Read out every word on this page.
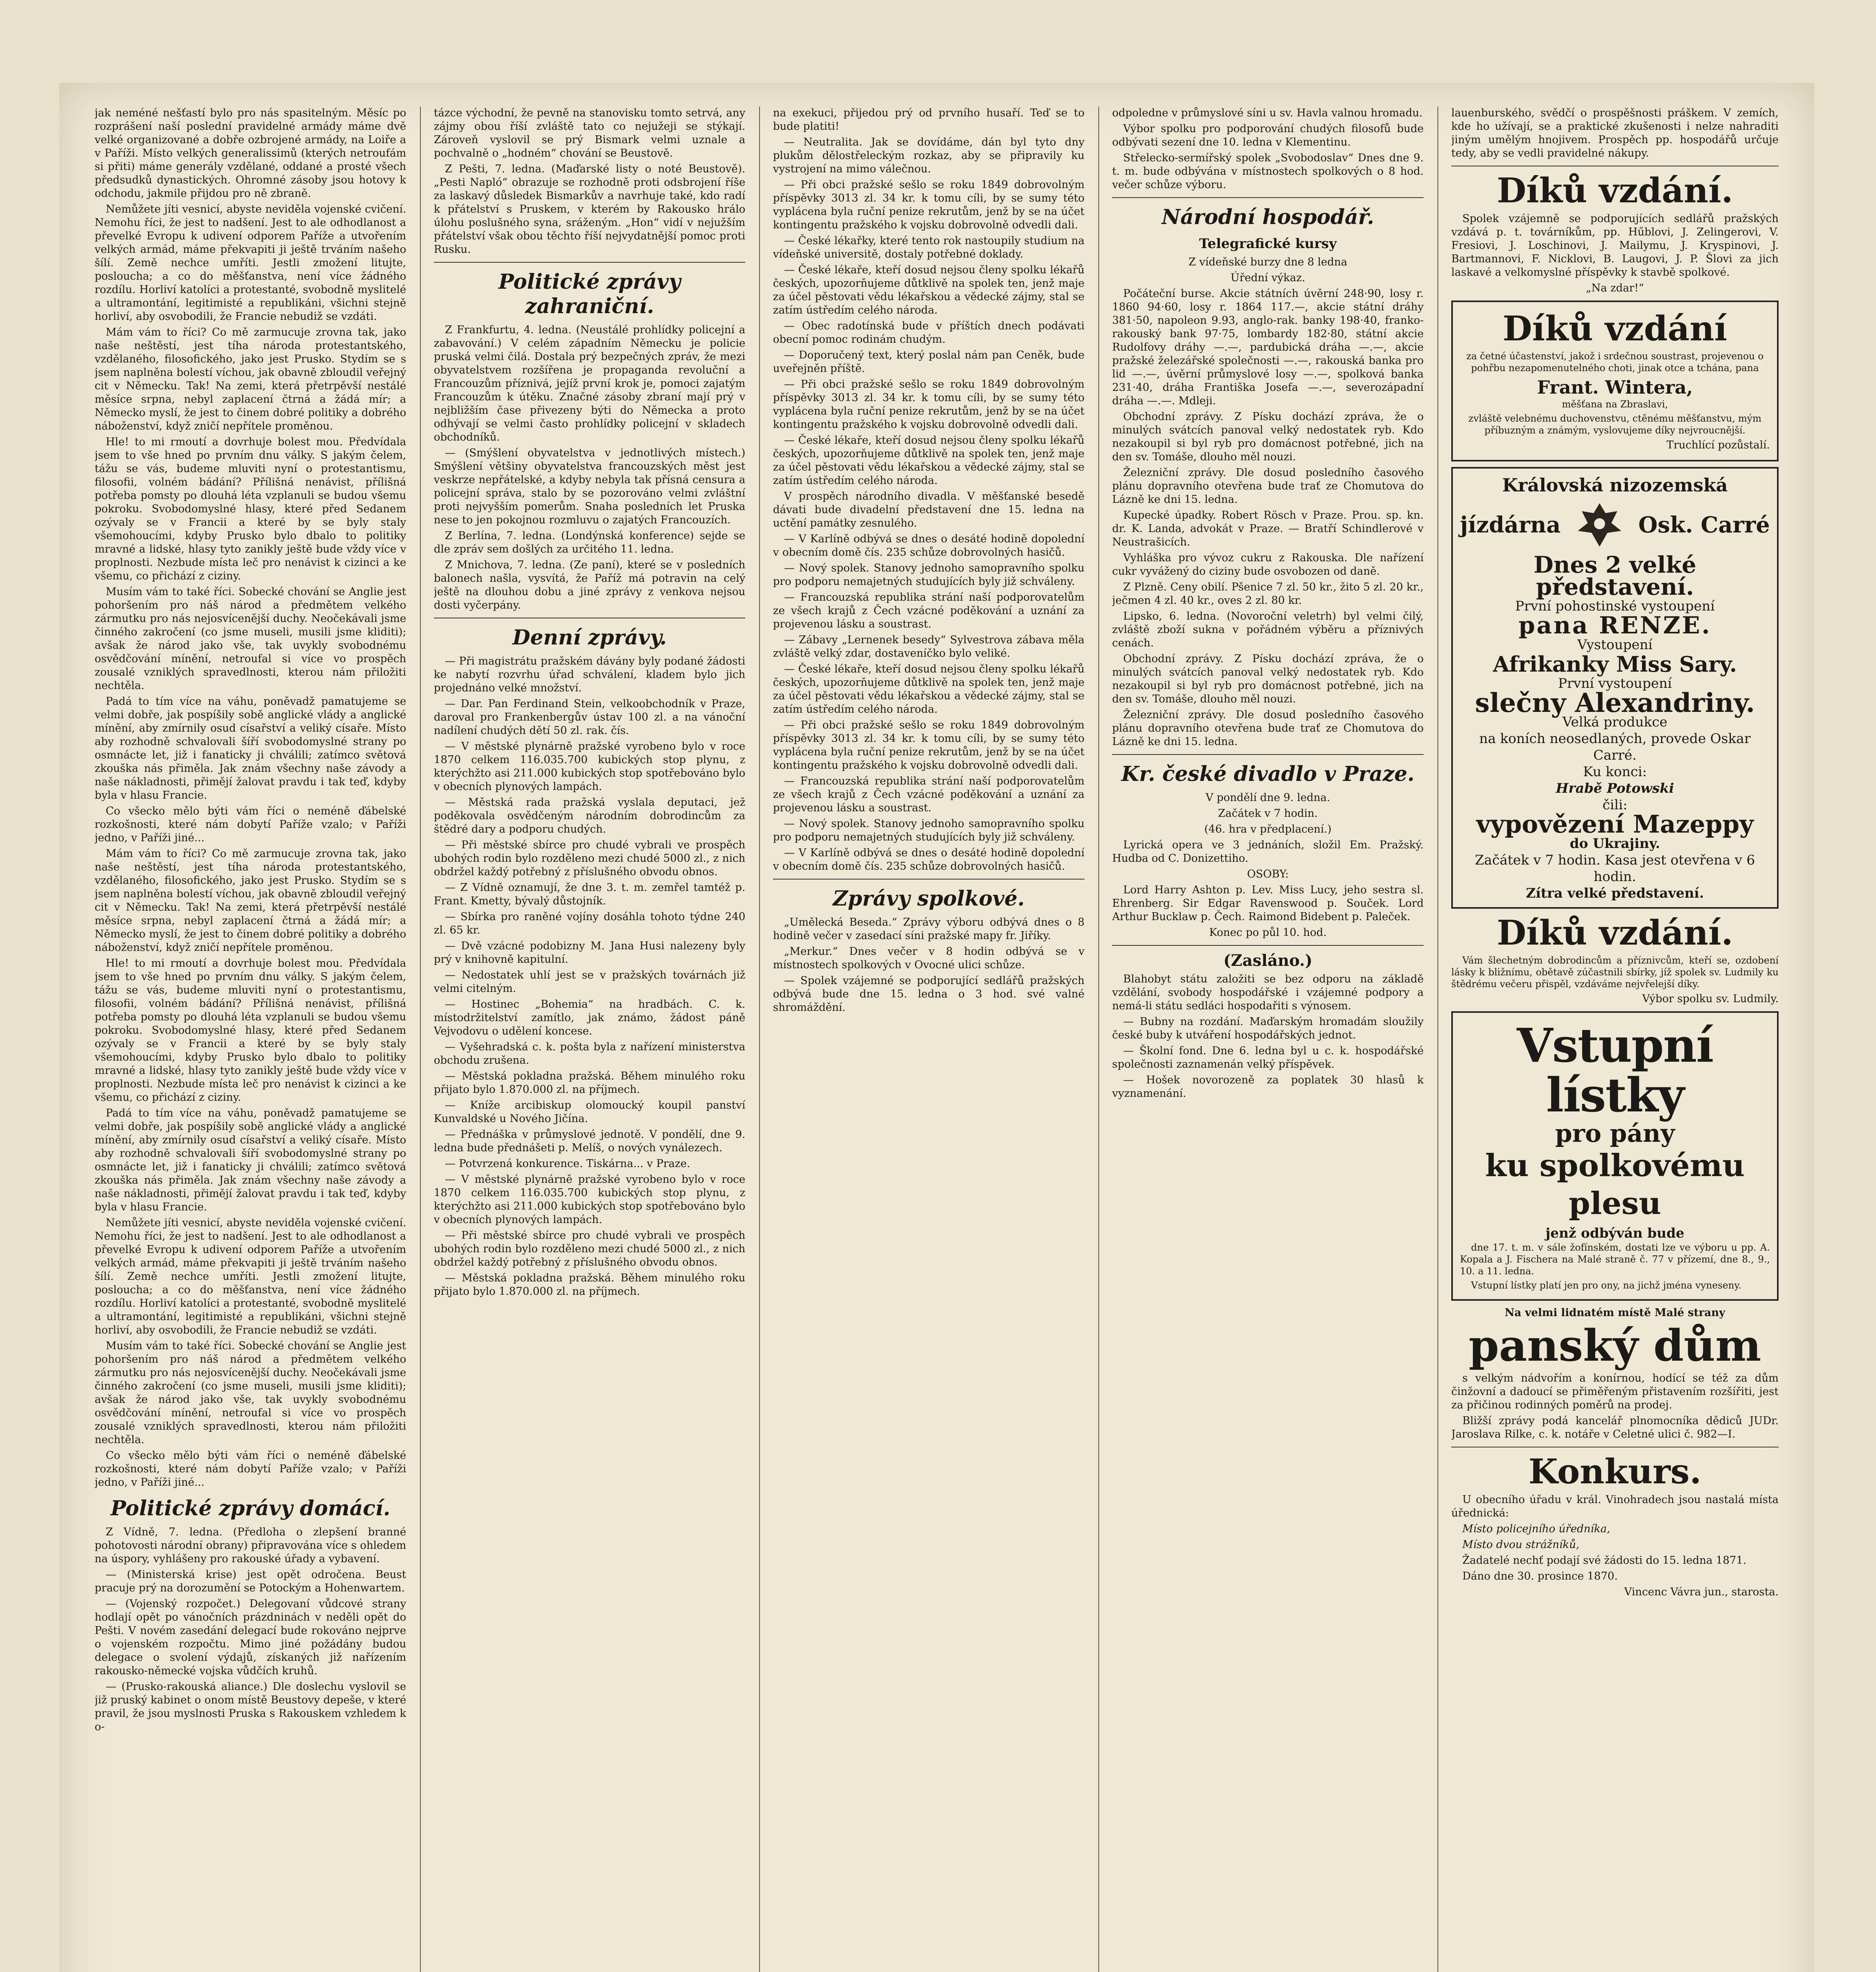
jak neméné nešťastí bylo pro nás spasitelným. Měsíc po rozprášení naší poslední pravidelné armády máme dvě velké organizované a dobře ozbrojené armády, na Loiře a v Paříži. Místo velkých generalissimů (kterých netroufám si přiti) máme generály vzdělané, oddané a prosté všech předsudků dynastických. Ohromné zásoby jsou hotovy k odchodu, jakmile přijdou pro ně zbraně.

Nemůžete jíti vesnicí, abyste neviděla vojenské cvičení. Nemohu říci, že jest to nadšení. Jest to ale odhodlanost a převelké Evropu k udivení odporem Paříže a utvořením velkých armád, máme překvapiti ji ještě trváním našeho šílí. Země nechce umříti. Jestli zmožení litujte, posloucha; a co do měšťanstva, není více žádného rozdílu. Horliví katolíci a protestanté, svobodně myslitelé a ultramontání, legitimisté a republikáni, všichni stejně horliví, aby osvobodili, že Francie nebudiž se vzdáti.

Mám vám to říci? Co mě zarmucuje zrovna tak, jako naše neštěstí, jest tíha národa protestantského, vzdělaného, filosofického, jako jest Prusko. Stydím se s jsem naplněna bolestí víchou, jak obavně zbloudil veřejný cit v Německu. Tak! Na zemi, která přetrpěvší nestálé měsíce srpna, nebyl zaplacení čtrná a žádá mír; a Německo myslí, že jest to činem dobré politiky a dobrého náboženství, když zničí nepřítele proměnou.

Hle! to mi rmoutí a dovrhuje bolest mou. Předvídala jsem to vše hned po prvním dnu války. S jakým čelem, tážu se vás, budeme mluviti nyní o protestantismu, filosofii, volném bádání? Přílišná nenávist, přílišná potřeba pomsty po dlouhá léta vzplanuli se budou všemu pokroku. Svobodomyslné hlasy, které před Sedanem ozývaly se v Francii a které by se byly staly všemohoucími, kdyby Prusko bylo dbalo to politiky mravné a lidské, hlasy tyto zanikly ještě bude vždy více v proplnosti. Nezbude místa leč pro nenávist k cizinci a ke všemu, co přichází z ciziny.

Musím vám to také říci. Sobecké chování se Anglie jest pohoršením pro náš národ a předmětem velkého zármutku pro nás nejosvícenější duchy. Neočekávali jsme činného zakročení (co jsme museli, musili jsme kliditi); avšak že národ jako vše, tak uvykly svobodnému osvědčování mínění, netroufal si více vo prospěch zousalé vzniklých spravedlnosti, kterou nám přiložiti nechtěla.

Padá to tím více na váhu, poněvadž pamatujeme se velmi dobře, jak pospíšily sobě anglické vlády a anglické mínění, aby zmírnily osud císařství a veliký císaře. Místo aby rozhodně schvalovali šíří svobodomyslné strany po osmnácte let, již i fanaticky ji chválili; zatímco světová zkouška nás přiměla. Jak znám všechny naše závody a naše nákladnosti, přimějí žalovat pravdu i tak teď, kdyby byla v hlasu Francie.

Co všecko mělo býti vám říci o neméně ďábelské rozkošnosti, které nám dobytí Paříže vzalo; v Paříži jedno, v Paříži jiné...

Mám vám to říci? Co mě zarmucuje zrovna tak, jako naše neštěstí, jest tíha národa protestantského, vzdělaného, filosofického, jako jest Prusko. Stydím se s jsem naplněna bolestí víchou, jak obavně zbloudil veřejný cit v Německu. Tak! Na zemi, která přetrpěvší nestálé měsíce srpna, nebyl zaplacení čtrná a žádá mír; a Německo myslí, že jest to činem dobré politiky a dobrého náboženství, když zničí nepřítele proměnou.

Hle! to mi rmoutí a dovrhuje bolest mou. Předvídala jsem to vše hned po prvním dnu války. S jakým čelem, tážu se vás, budeme mluviti nyní o protestantismu, filosofii, volném bádání? Přílišná nenávist, přílišná potřeba pomsty po dlouhá léta vzplanuli se budou všemu pokroku. Svobodomyslné hlasy, které před Sedanem ozývaly se v Francii a které by se byly staly všemohoucími, kdyby Prusko bylo dbalo to politiky mravné a lidské, hlasy tyto zanikly ještě bude vždy více v proplnosti. Nezbude místa leč pro nenávist k cizinci a ke všemu, co přichází z ciziny.

Padá to tím více na váhu, poněvadž pamatujeme se velmi dobře, jak pospíšily sobě anglické vlády a anglické mínění, aby zmírnily osud císařství a veliký císaře. Místo aby rozhodně schvalovali šíří svobodomyslné strany po osmnácte let, již i fanaticky ji chválili; zatímco světová zkouška nás přiměla. Jak znám všechny naše závody a naše nákladnosti, přimějí žalovat pravdu i tak teď, kdyby byla v hlasu Francie.

Nemůžete jíti vesnicí, abyste neviděla vojenské cvičení. Nemohu říci, že jest to nadšení. Jest to ale odhodlanost a převelké Evropu k udivení odporem Paříže a utvořením velkých armád, máme překvapiti ji ještě trváním našeho šílí. Země nechce umříti. Jestli zmožení litujte, posloucha; a co do měšťanstva, není více žádného rozdílu. Horliví katolíci a protestanté, svobodně myslitelé a ultramontání, legitimisté a republikáni, všichni stejně horliví, aby osvobodili, že Francie nebudiž se vzdáti.

Musím vám to také říci. Sobecké chování se Anglie jest pohoršením pro náš národ a předmětem velkého zármutku pro nás nejosvícenější duchy. Neočekávali jsme činného zakročení (co jsme museli, musili jsme kliditi); avšak že národ jako vše, tak uvykly svobodnému osvědčování mínění, netroufal si více vo prospěch zousalé vzniklých spravedlnosti, kterou nám přiložiti nechtěla.

Co všecko mělo býti vám říci o neméně ďábelské rozkošnosti, které nám dobytí Paříže vzalo; v Paříži jedno, v Paříži jiné...

Politické zprávy domácí.

Z Vídně, 7. ledna. (Předloha o zlepšení branné pohotovosti národní obrany) připravována více s ohledem na úspory, vyhlášeny pro rakouské úřady a vybavení.

— (Ministerská krise) jest opět odročena. Beust pracuje prý na dorozumění se Potockým a Hohenwartem.

— (Vojenský rozpočet.) Delegovaní vůdcové strany hodlají opět po vánočních prázdninách v neděli opět do Pešti. V novém zasedání delegací bude rokováno nejprve o vojenském rozpočtu. Mimo jiné požádány budou delegace o svolení výdajů, získaných již nařízením rakousko-německé vojska vůdčích kruhů.

— (Prusko-rakouská aliance.) Dle doslechu vyslovil se již pruský kabinet o onom místě Beustovy depeše, v které pravil, že jsou myslnosti Pruska s Rakouskem vzhledem k o-

tázce východní, že pevně na stanovisku tomto setrvá, any zájmy obou říší zvláště tato co nejužeji se stýkají. Zároveň vyslovil se prý Bismark velmi uznale a pochvalně o „hodném“ chování se Beustově.

Z Pešti, 7. ledna. (Maďarské listy o noté Beustově). „Pesti Napló“ obrazuje se rozhodně proti odsbrojení říše za laskavý důsledek Bismarkův a navrhuje také, kdo radí k přátelství s Pruskem, v kterém by Rakousko hrálo úlohu poslušného syna, sráženým. „Hon“ vidí v nejužším přátelství však obou těchto říší nejvydatnější pomoc proti Rusku.

Politické zprávy zahraniční.

Z Frankfurtu, 4. ledna. (Neustálé prohlídky policejní a zabavování.) V celém západním Německu je policie pruská velmi čilá. Dostala prý bezpečných zpráv, že mezi obyvatelstvem rozšířena je propaganda revoluční a Francouzům příznivá, jejíž první krok je, pomoci zajatým Francouzům k útěku. Značné zásoby zbraní mají prý v nejbližším čase přivezeny býti do Německa a proto odhývají se velmi často prohlídky policejní v skladech obchodníků.

— (Smýšlení obyvatelstva v jednotlivých místech.) Smýšlení většiny obyvatelstva francouzských měst jest veskrze nepřátelské, a kdyby nebyla tak přísná censura a policejní správa, stalo by se pozorováno velmi zvláštní proti nejvyšším pomerům. Snaha posledních let Pruska nese to jen pokojnou rozmluvu o zajatých Francouzích.

Z Berlína, 7. ledna. (Londýnská konference) sejde se dle zpráv sem došlých za určitého 11. ledna.

Z Mnichova, 7. ledna. (Ze paní), které se v posledních balonech našla, vysvítá, že Paříž má potravin na celý ještě na dlouhou dobu a jiné zprávy z venkova nejsou dosti vyčerpány.

Denní zprávy.

— Při magistrátu pražském dávány byly podané žádosti ke nabytí rozvrhu úřad schválení, kladem bylo jich projednáno velké množství.

— Dar. Pan Ferdinand Stein, velkoobchodník v Praze, daroval pro Frankenbergův ústav 100 zl. a na vánoční nadílení chudých dětí 50 zl. rak. čís.

— V městské plynárně pražské vyrobeno bylo v roce 1870 celkem 116.035.700 kubických stop plynu, z kterýchžto asi 211.000 kubických stop spotřebováno bylo v obecních plynových lampách.

— Městská rada pražská vyslala deputaci, jež poděkovala osvědčeným národním dobrodincům za štědré dary a podporu chudých.

— Při městské sbírce pro chudé vybrali ve prospěch ubohých rodin bylo rozděleno mezi chudé 5000 zl., z nich obdržel každý potřebný z příslušného obvodu obnos.

— Z Vídně oznamují, že dne 3. t. m. zemřel tamtéž p. Frant. Kmetty, bývalý důstojník.

— Sbírka pro raněné vojíny dosáhla tohoto týdne 240 zl. 65 kr.

— Dvě vzácné podobizny M. Jana Husi nalezeny byly prý v knihovně kapitulní.

— Nedostatek uhlí jest se v pražských továrnách již velmi citelným.

— Hostinec „Bohemia“ na hradbách. C. k. místodržitelství zamítlo, jak známo, žádost páně Vejvodovu o udělení koncese.

— Vyšehradská c. k. pošta byla z nařízení ministerstva obchodu zrušena.

— Městská pokladna pražská. Během minulého roku přijato bylo 1.870.000 zl. na příjmech.

— Kníže arcibiskup olomoucký koupil panství Kunvaldské u Nového Jičína.

— Přednáška v průmyslové jednotě. V pondělí, dne 9. ledna bude přednášeti p. Melíš, o nových vynálezech.

— Potvrzená konkurence. Tiskárna... v Praze.

— V městské plynárně pražské vyrobeno bylo v roce 1870 celkem 116.035.700 kubických stop plynu, z kterýchžto asi 211.000 kubických stop spotřebováno bylo v obecních plynových lampách.

— Při městské sbírce pro chudé vybrali ve prospěch ubohých rodin bylo rozděleno mezi chudé 5000 zl., z nich obdržel každý potřebný z příslušného obvodu obnos.

— Městská pokladna pražská. Během minulého roku přijato bylo 1.870.000 zl. na příjmech.

na exekuci, přijedou prý od prvního husaří. Teď se to bude platiti!

— Neutralita. Jak se dovídáme, dán byl tyto dny plukům dělostřeleckým rozkaz, aby se připravily ku vystrojení na mimo válečnou.

— Při obci pražské sešlo se roku 1849 dobrovolným příspěvky 3013 zl. 34 kr. k tomu cíli, by se sumy této vyplácena byla ruční penize rekrutům, jenž by se na účet kontingentu pražského k vojsku dobrovolně odvedli dali.

— České lékařky, které tento rok nastoupily studium na vídeňské universitě, dostaly potřebné doklady.

— České lékaře, kteří dosud nejsou členy spolku lékařů českých, upozorňujeme důtklivě na spolek ten, jenž maje za účel pěstovati vědu lékařskou a vědecké zájmy, stal se zatím ústředím celého národa.

— Obec radotínská bude v příštích dnech podávati obecní pomoc rodinám chudým.

— Doporučený text, který poslal nám pan Ceněk, bude uveřejněn příště.

— Při obci pražské sešlo se roku 1849 dobrovolným příspěvky 3013 zl. 34 kr. k tomu cíli, by se sumy této vyplácena byla ruční penize rekrutům, jenž by se na účet kontingentu pražského k vojsku dobrovolně odvedli dali.

— České lékaře, kteří dosud nejsou členy spolku lékařů českých, upozorňujeme důtklivě na spolek ten, jenž maje za účel pěstovati vědu lékařskou a vědecké zájmy, stal se zatím ústředím celého národa.

V prospěch národního divadla. V měšťanské besedě dávati bude divadelní představení dne 15. ledna na uctění památky zesnulého.

— V Karlíně odbývá se dnes o desáté hodině dopolední v obecním domě čís. 235 schůze dobrovolných hasičů.

— Nový spolek. Stanovy jednoho samopravního spolku pro podporu nemajetných studujících byly již schváleny.

— Francouzská republika strání naší podporovatelům ze všech krajů z Čech vzácné poděkování a uznání za projevenou lásku a soustrast.

— Zábavy „Lernenek besedy“ Sylvestrova zábava měla zvláště velký zdar, dostaveníčko bylo veliké.

— České lékaře, kteří dosud nejsou členy spolku lékařů českých, upozorňujeme důtklivě na spolek ten, jenž maje za účel pěstovati vědu lékařskou a vědecké zájmy, stal se zatím ústředím celého národa.

— Při obci pražské sešlo se roku 1849 dobrovolným příspěvky 3013 zl. 34 kr. k tomu cíli, by se sumy této vyplácena byla ruční penize rekrutům, jenž by se na účet kontingentu pražského k vojsku dobrovolně odvedli dali.

— Francouzská republika strání naší podporovatelům ze všech krajů z Čech vzácné poděkování a uznání za projevenou lásku a soustrast.

— Nový spolek. Stanovy jednoho samopravního spolku pro podporu nemajetných studujících byly již schváleny.

— V Karlíně odbývá se dnes o desáté hodině dopolední v obecním domě čís. 235 schůze dobrovolných hasičů.

Zprávy spolkové.

„Umělecká Beseda.“ Zprávy výboru odbývá dnes o 8 hodině večer v zasedací síni pražské mapy fr. Jiříky.

„Merkur.“ Dnes večer v 8 hodin odbývá se v místnostech spolkových v Ovocné ulici schůze.

— Spolek vzájemné se podporující sedlářů pražských odbývá bude dne 15. ledna o 3 hod. své valné shromáždění.

odpoledne v průmyslové síni u sv. Havla valnou hromadu.

Výbor spolku pro podporování chudých filosofů bude odbývati sezení dne 10. ledna v Klementinu.

Střelecko-sermířský spolek „Svobodoslav“ Dnes dne 9. t. m. bude odbývána v místnostech spolkových o 8 hod. večer schůze výboru.

Národní hospodář.
Telegrafické kursy

Z vídeňské burzy dne 8 ledna

Úřední výkaz.

Počáteční burse. Akcie státních úvěrní 248·90, losy r. 1860 94·60, losy r. 1864 117.—, akcie státní dráhy 381·50, napoleon 9.93, anglo-rak. banky 198·40, franko-rakouský bank 97·75, lombardy 182·80, státní akcie Rudolfovy dráhy —.—, pardubická dráha —.—, akcie pražské železářské společnosti —.—, rakouská banka pro lid —.—, úvěrní průmyslové losy —.—, spolková banka 231·40, dráha Františka Josefa —.—, severozápadní dráha —.—. Mdleji.

Obchodní zprávy. Z Písku dochází zpráva, že o minulých svátcích panoval velký nedostatek ryb. Kdo nezakoupil si byl ryb pro domácnost potřebné, jich na den sv. Tomáše, dlouho měl nouzi.

Železniční zprávy. Dle dosud posledního časového plánu dopravního otevřena bude trať ze Chomutova do Lázně ke dni 15. ledna.

Kupecké úpadky. Robert Rösch v Praze. Prou. sp. kn. dr. K. Landa, advokát v Praze. — Bratří Schindlerové v Neustrašicích.

Vyhláška pro vývoz cukru z Rakouska. Dle nařízení cukr vyvážený do ciziny bude osvobozen od daně.

Z Plzně. Ceny obilí. Pšenice 7 zl. 50 kr., žito 5 zl. 20 kr., ječmen 4 zl. 40 kr., oves 2 zl. 80 kr.

Lipsko, 6. ledna. (Novoroční veletrh) byl velmi čilý, zvláště zboží sukna v pořádném výběru a příznivých cenách.

Obchodní zprávy. Z Písku dochází zpráva, že o minulých svátcích panoval velký nedostatek ryb. Kdo nezakoupil si byl ryb pro domácnost potřebné, jich na den sv. Tomáše, dlouho měl nouzi.

Železniční zprávy. Dle dosud posledního časového plánu dopravního otevřena bude trať ze Chomutova do Lázně ke dni 15. ledna.

Kr. české divadlo v Praze.

V pondělí dne 9. ledna.

Začátek v 7 hodin.

(46. hra v předplacení.)

Lyrická opera ve 3 jednáních, složil Em. Pražský. Hudba od C. Donizettiho.

OSOBY:

Lord Harry Ashton p. Lev. Miss Lucy, jeho sestra sl. Ehrenberg. Sir Edgar Ravenswood p. Souček. Lord Arthur Bucklaw p. Čech. Raimond Bidebent p. Paleček.

Konec po půl 10. hod.

(Zasláno.)

Blahobyt státu založiti se bez odporu na základě vzdělání, svobody hospodářské i vzájemné podpory a nemá-li státu sedláci hospodařiti s výnosem.

— Bubny na rozdání. Maďarským hromadám sloužily české buby k utváření hospodářských jednot.

— Školní fond. Dne 6. ledna byl u c. k. hospodářské společnosti zaznamenán velký příspěvek.

— Hošek novorozeně za poplatek 30 hlasů k vyznamenání.

lauenburského, svědčí o prospěšnosti práškem. V zemích, kde ho užívají, se a praktické zkušenosti i nelze nahraditi jiným umělým hnojivem. Prospěch pp. hospodářů určuje tedy, aby se vedli pravidelné nákupy.

Díků vzdání.

Spolek vzájemně se podporujících sedlářů pražských vzdává p. t. továrníkům, pp. Hűblovi, J. Zelingerovi, V. Fresiovi, J. Loschinovi, J. Mailymu, J. Kryspinovi, J. Bartmannovi, F. Nicklovi, B. Laugovi, J. P. Šlovi za jich laskavé a velkomyslné příspěvky k stavbě spolkové.

„Na zdar!“

Díků vzdání

za četné účastenství, jakož i srdečnou soustrast, projevenou o pohřbu nezapomenutelného choti, jinak otce a tchána, pana

Frant. Wintera,

měšťana na Zbraslavi,

zvláště velebnému duchovenstvu, ctěnému měšťanstvu, mým příbuzným a známým, vyslovujeme díky nejvroucnější.

Truchlící pozůstalí.

Královská nizozemská
jízdárna	Osk. Carré
Dnes 2 velké představení.
První pohostinské vystoupení
pana RENZE.
Vystoupení
Afrikanky Miss Sary.
První vystoupení
slečny Alexandriny.
Velká produkce
na koních neosedlaných, provede Oskar Carré.
Ku konci:
Hrabě Potowski
čili:
vypovězení Mazeppy
do Ukrajiny.
Začátek v 7 hodin. Kasa jest otevřena v 6 hodin.
Zítra velké představení.
Díků vzdání.

Vám šlechetným dobrodincům a příznivcům, kteří se, ozdobení lásky k bližnímu, obětavě zúčastnili sbírky, jíž spolek sv. Ludmily ku štědrému večeru přispěl, vzdáváme nejvřelejší díky.

Výbor spolku sv. Ludmily.

Vstupní lístky
pro pány
ku spolkovému plesu
jenž odbýván bude

dne 17. t. m. v sále žofínském, dostati lze ve výboru u pp. A. Kopala a J. Fischera na Malé straně č. 77 v přízemí, dne 8., 9., 10. a 11. ledna.

Vstupní lístky platí jen pro ony, na jichž jména vyneseny.

Na velmi lidnatém místě Malé strany

panský dům

s velkým nádvořím a konírnou, hodící se též za dům činžovní a dadoucí se přiměřeným přistavením rozšířiti, jest za přičinou rodinných poměrů na prodej.

Bližší zprávy podá kancelář plnomocníka dědiců JUDr. Jaroslava Rilke, c. k. notáře v Celetné ulici č. 982—I.

Konkurs.

U obecního úřadu v král. Vinohradech jsou nastalá místa úřednická:

Místo policejního úředníka,

Místo dvou strážníků,

Žadatelé nechť podají své žádosti do 15. ledna 1871.

Dáno dne 30. prosince 1870.

Vincenc Vávra jun., starosta.
